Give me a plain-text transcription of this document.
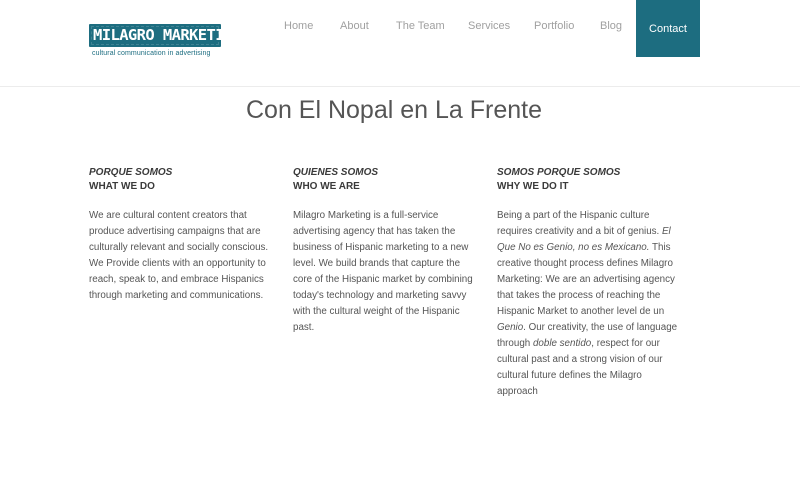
MILAGRO MARKETING
cultural communication in advertising
Home About The Team Services Portfolio Blog	Contact
Con El Nopal en La Frente
PORQUE SOMOS
WHAT WE DO

We are cultural content creators that produce advertising campaigns that are culturally relevant and socially conscious. We Provide clients with an opportunity to reach, speak to, and embrace Hispanics through marketing and communications.

QUIENES SOMOS
WHO WE ARE

Milagro Marketing is a full-service advertising agency that has taken the business of Hispanic marketing to a new level. We build brands that capture the core of the Hispanic market by combining today's technology and marketing savvy with the cultural weight of the Hispanic past.

SOMOS PORQUE SOMOS
WHY WE DO IT

Being a part of the Hispanic culture requires creativity and a bit of genius. El Que No es Genio, no es Mexicano. This creative thought process defines Milagro Marketing: We are an advertising agency that takes the process of reaching the Hispanic Market to another level de un Genio. Our creativity, the use of language through doble sentido, respect for our cultural past and a strong vision of our cultural future defines the Milagro approach
